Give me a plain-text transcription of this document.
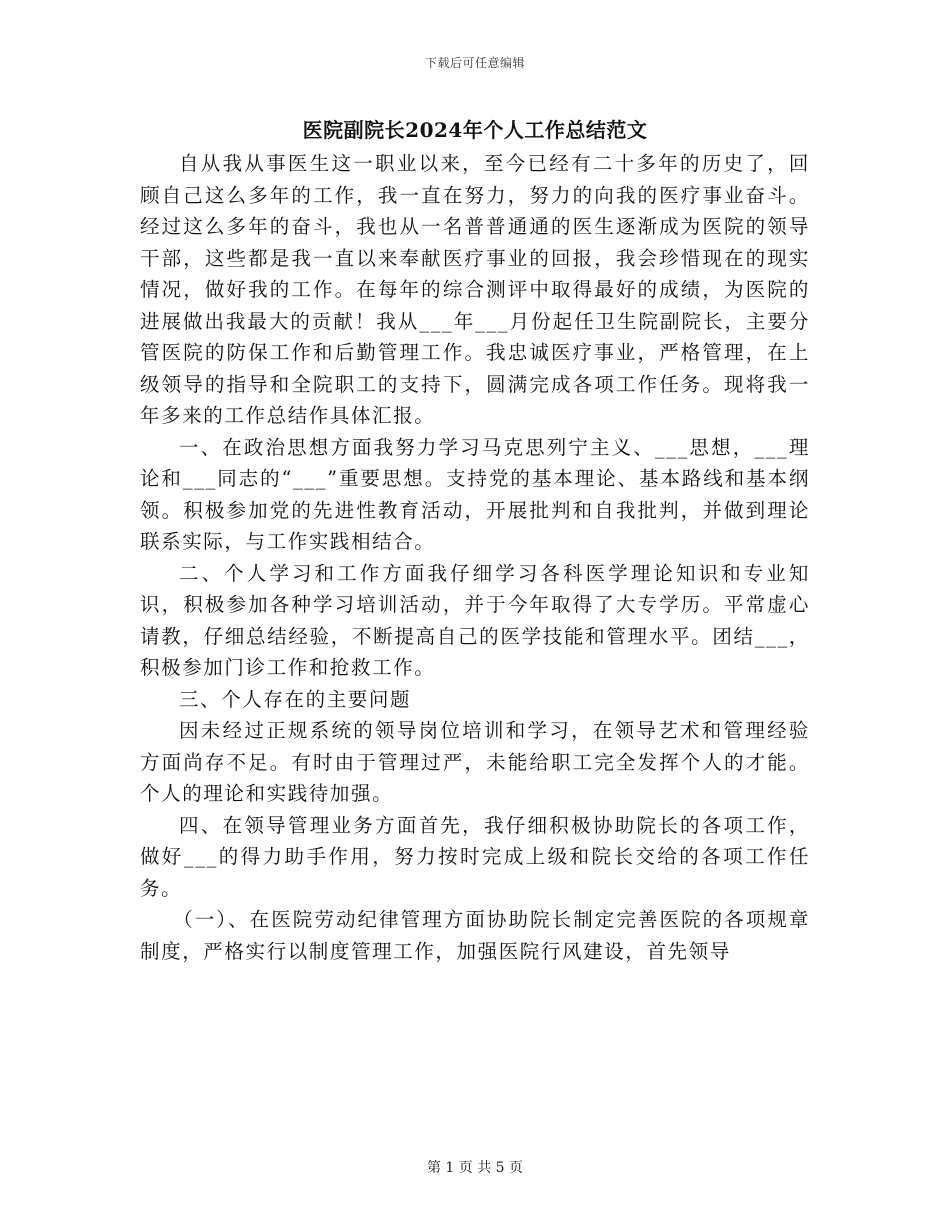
下载后可任意编辑
医院副院长2024年个人工作总结范文

自从我从事医生这一职业以来，至今已经有二十多年的历史了，回顾自己这么多年的工作，我一直在努力，努力的向我的医疗事业奋斗。经过这么多年的奋斗，我也从一名普普通通的医生逐渐成为医院的领导干部，这些都是我一直以来奉献医疗事业的回报，我会珍惜现在的现实情况，做好我的工作。在每年的综合测评中取得最好的成绩，为医院的进展做出我最大的贡献！我从___年___月份起任卫生院副院长，主要分管医院的防保工作和后勤管理工作。我忠诚医疗事业，严格管理，在上级领导的指导和全院职工的支持下，圆满完成各项工作任务。现将我一年多来的工作总结作具体汇报。

一、在政治思想方面我努力学习马克思列宁主义、___思想，___理论和___同志的“___”重要思想。支持党的基本理论、基本路线和基本纲领。积极参加党的先进性教育活动，开展批判和自我批判，并做到理论联系实际，与工作实践相结合。

二、个人学习和工作方面我仔细学习各科医学理论知识和专业知识，积极参加各种学习培训活动，并于今年取得了大专学历。平常虚心请教，仔细总结经验，不断提高自己的医学技能和管理水平。团结___，积极参加门诊工作和抢救工作。

三、个人存在的主要问题

因未经过正规系统的领导岗位培训和学习，在领导艺术和管理经验方面尚存不足。有时由于管理过严，未能给职工完全发挥个人的才能。个人的理论和实践待加强。

四、在领导管理业务方面首先，我仔细积极协助院长的各项工作，做好___的得力助手作用，努力按时完成上级和院长交给的各项工作任务。

（一）、在医院劳动纪律管理方面协助院长制定完善医院的各项规章制度，严格实行以制度管理工作，加强医院行风建设，首先领导

第 1 页 共 5 页
